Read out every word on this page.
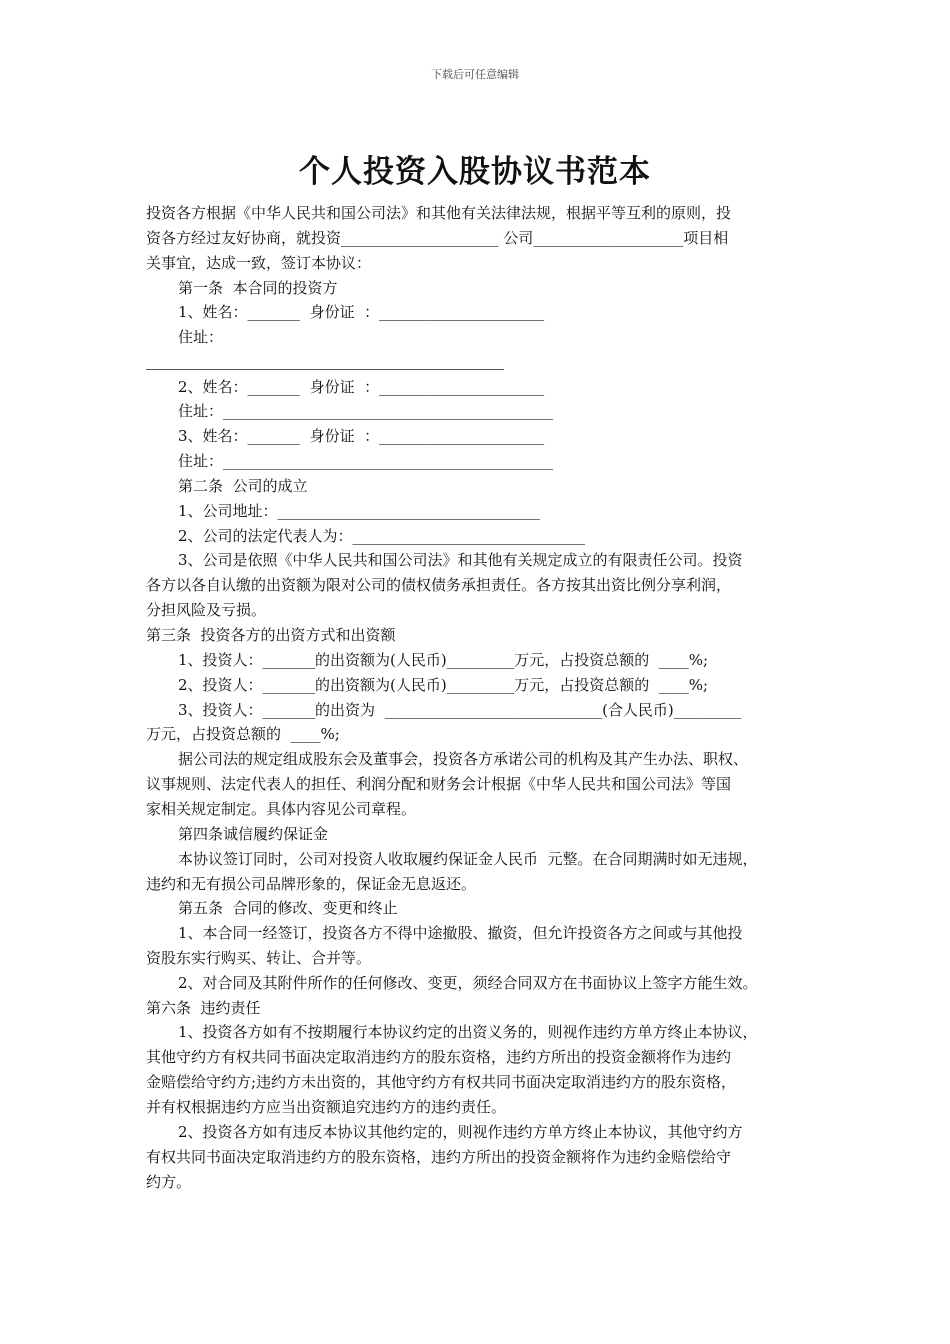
下载后可任意编辑
个人投资入股协议书范本
投资各方根据《中华人民共和国公司法》和其他有关法律法规，根据平等互利的原则，投
资各方经过友好协商，就投资_____________________ 公司____________________项目相
关事宜，达成一致，签订本协议：
第一条  本合同的投资方
1、姓名：_______  身份证  ：______________________
住址：
2、姓名：_______  身份证  ：______________________
住址：____________________________________________
3、姓名：_______  身份证  ：______________________
住址：____________________________________________
第二条  公司的成立
1、公司地址：___________________________________
2、公司的法定代表人为：_______________________________
3、公司是依照《中华人民共和国公司法》和其他有关规定成立的有限责任公司。投资
各方以各自认缴的出资额为限对公司的债权债务承担责任。各方按其出资比例分享利润，
分担风险及亏损。
第三条  投资各方的出资方式和出资额
1、投资人：_______的出资额为(人民币)_________万元，占投资总额的  ____%;
2、投资人：_______的出资额为(人民币)_________万元，占投资总额的  ____%;
3、投资人：_______的出资为  _____________________________(合人民币)_________
万元，占投资总额的  ____%;
据公司法的规定组成股东会及董事会，投资各方承诺公司的机构及其产生办法、职权、
议事规则、法定代表人的担任、利润分配和财务会计根据《中华人民共和国公司法》等国
家相关规定制定。具体内容见公司章程。
第四条诚信履约保证金
本协议签订同时，公司对投资人收取履约保证金人民币  元整。在合同期满时如无违规，
违约和无有损公司品牌形象的，保证金无息返还。
第五条  合同的修改、变更和终止
1、本合同一经签订，投资各方不得中途撤股、撤资，但允许投资各方之间或与其他投
资股东实行购买、转让、合并等。
2、对合同及其附件所作的任何修改、变更，须经合同双方在书面协议上签字方能生效。
第六条  违约责任
1、投资各方如有不按期履行本协议约定的出资义务的，则视作违约方单方终止本协议，
其他守约方有权共同书面决定取消违约方的股东资格，违约方所出的投资金额将作为违约
金赔偿给守约方;违约方未出资的，其他守约方有权共同书面决定取消违约方的股东资格，
并有权根据违约方应当出资额追究违约方的违约责任。
2、投资各方如有违反本协议其他约定的，则视作违约方单方终止本协议，其他守约方
有权共同书面决定取消违约方的股东资格，违约方所出的投资金额将作为违约金赔偿给守
约方。
